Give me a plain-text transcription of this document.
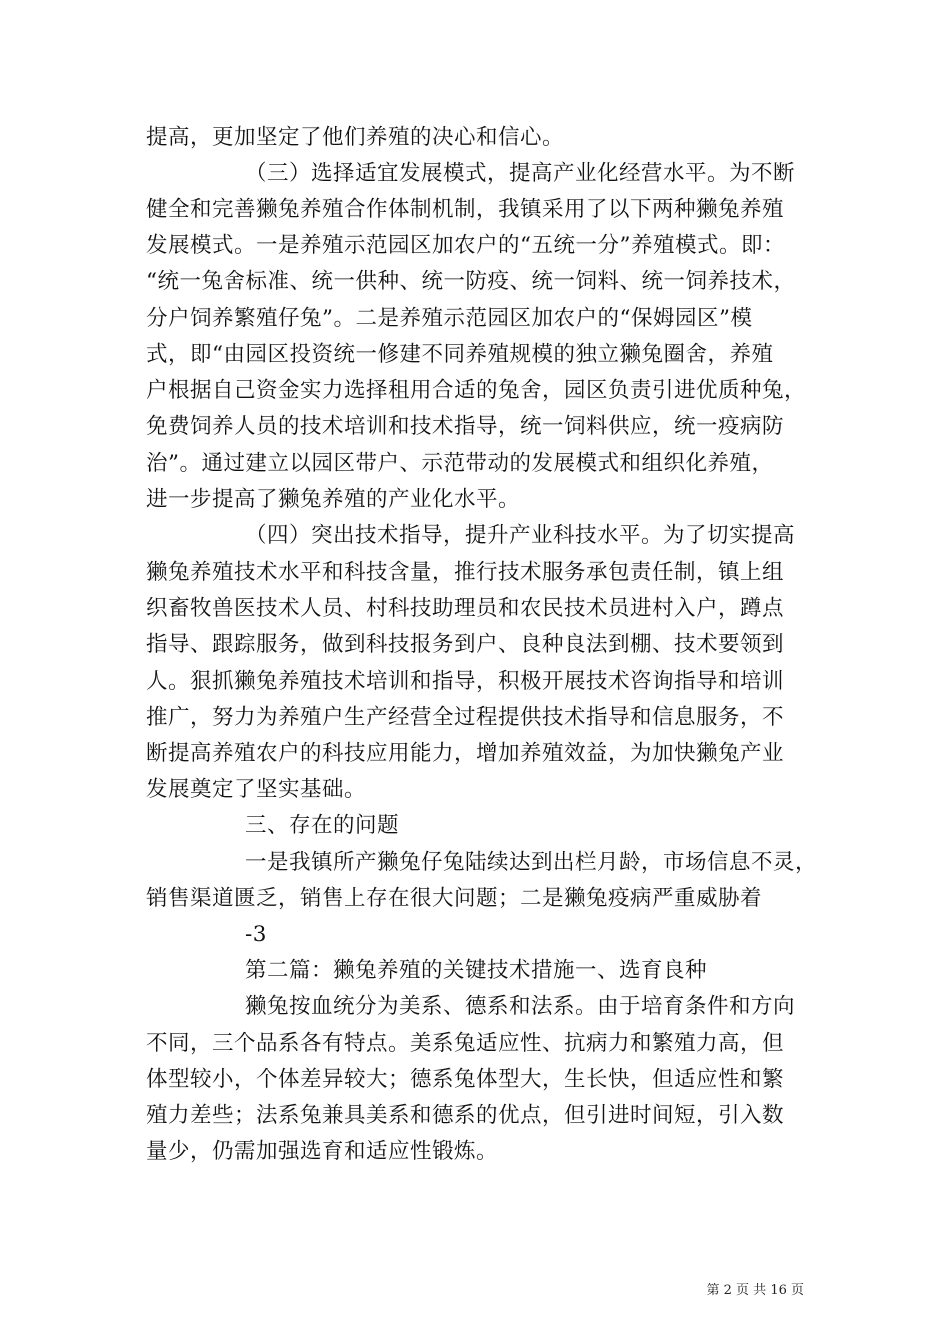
提高，更加坚定了他们养殖的决心和信心。
（三）选择适宜发展模式，提高产业化经营水平。为不断
健全和完善獭兔养殖合作体制机制，我镇采用了以下两种獭兔养殖
发展模式。一是养殖示范园区加农户的“五统一分”养殖模式。即：
“统一兔舍标准、统一供种、统一防疫、统一饲料、统一饲养技术，
分户饲养繁殖仔兔”。二是养殖示范园区加农户的“保姆园区”模
式，即“由园区投资统一修建不同养殖规模的独立獭兔圈舍，养殖
户根据自己资金实力选择租用合适的兔舍，园区负责引进优质种兔，
免费饲养人员的技术培训和技术指导，统一饲料供应，统一疫病防
治”。通过建立以园区带户、示范带动的发展模式和组织化养殖，
进一步提高了獭兔养殖的产业化水平。
（四）突出技术指导，提升产业科技水平。为了切实提高
獭兔养殖技术水平和科技含量，推行技术服务承包责任制，镇上组
织畜牧兽医技术人员、村科技助理员和农民技术员进村入户，蹲点
指导、跟踪服务，做到科技报务到户、良种良法到棚、技术要领到
人。狠抓獭兔养殖技术培训和指导，积极开展技术咨询指导和培训
推广，努力为养殖户生产经营全过程提供技术指导和信息服务，不
断提高养殖农户的科技应用能力，增加养殖效益，为加快獭兔产业
发展奠定了坚实基础。
三、存在的问题
一是我镇所产獭兔仔兔陆续达到出栏月龄，市场信息不灵，
销售渠道匮乏，销售上存在很大问题；二是獭兔疫病严重威胁着
-3
第二篇：獭兔养殖的关键技术措施一、选育良种
獭兔按血统分为美系、德系和法系。由于培育条件和方向
不同，三个品系各有特点。美系兔适应性、抗病力和繁殖力高，但
体型较小，个体差异较大；德系兔体型大，生长快，但适应性和繁
殖力差些；法系兔兼具美系和德系的优点，但引进时间短，引入数
量少，仍需加强选育和适应性锻炼。
第 2 页 共 16 页
